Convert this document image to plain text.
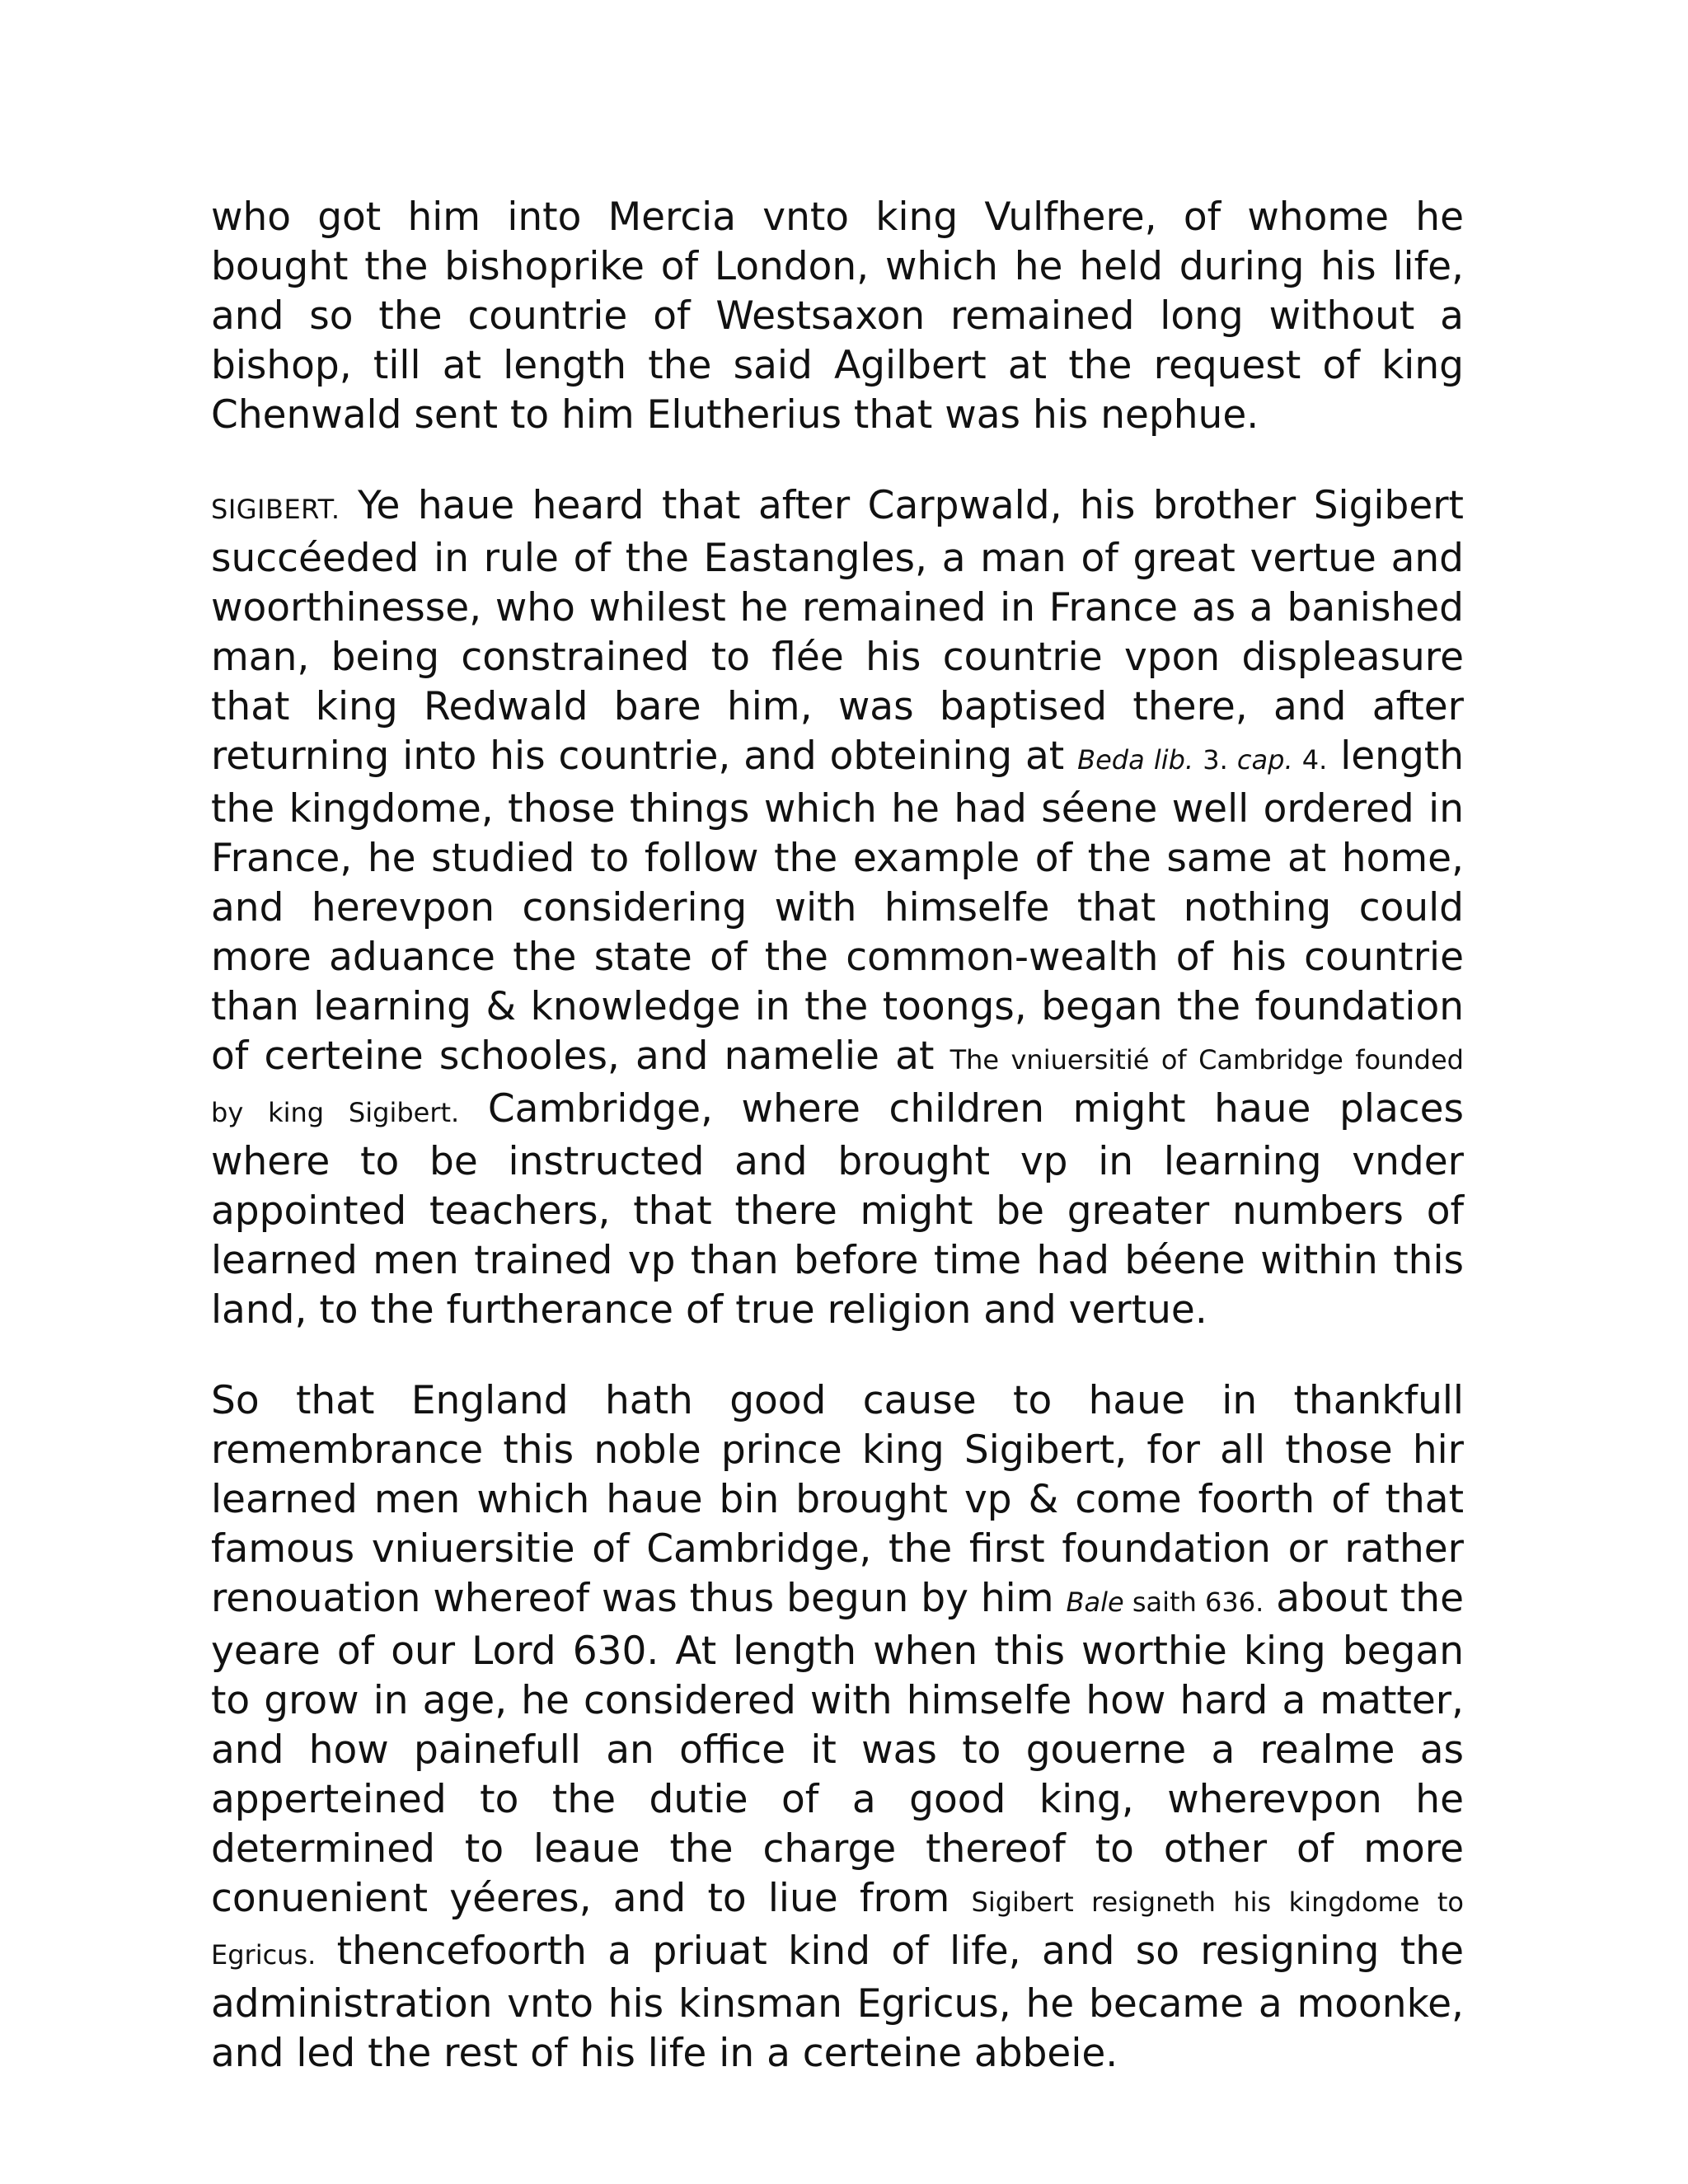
who got him into Mercia vnto king Vulfhere, of whome he bought the bishoprike of London, which he held during his life, and so the countrie of Westsaxon remained long without a bishop, till at length the said Agilbert at the request of king Chenwald sent to him Elutherius that was his nephue.

SIGIBERT. Ye haue heard that after Carpwald, his brother Sigibert succéeded in rule of the Eastangles, a man of great vertue and woorthinesse, who whilest he remained in France as a banished man, being constrained to flée his countrie vpon displeasure that king Redwald bare him, was baptised there, and after returning into his countrie, and obteining at Beda lib. 3. cap. 4. length the kingdome, those things which he had séene well ordered in France, he studied to follow the example of the same at home, and herevpon considering with himselfe that nothing could more aduance the state of the common-wealth of his countrie than learning & knowledge in the toongs, began the foundation of certeine schooles, and namelie at The vniuersitié of Cambridge founded by king Sigibert. Cambridge, where children might haue places where to be instructed and brought vp in learning vnder appointed teachers, that there might be greater numbers of learned men trained vp than before time had béene within this land, to the furtherance of true religion and vertue.

So that England hath good cause to haue in thankfull remembrance this noble prince king Sigibert, for all those hir learned men which haue bin brought vp & come foorth of that famous vniuersitie of Cambridge, the first foundation or rather renouation whereof was thus begun by him Bale saith 636. about the yeare of our Lord 630. At length when this worthie king began to grow in age, he considered with himselfe how hard a matter, and how painefull an office it was to gouerne a realme as apperteined to the dutie of a good king, wherevpon he determined to leaue the charge thereof to other of more conuenient yéeres, and to liue from Sigibert resigneth his kingdome to Egricus. thencefoorth a priuat kind of life, and so resigning the administration vnto his kinsman Egricus, he became a moonke, and led the rest of his life in a certeine abbeie.
